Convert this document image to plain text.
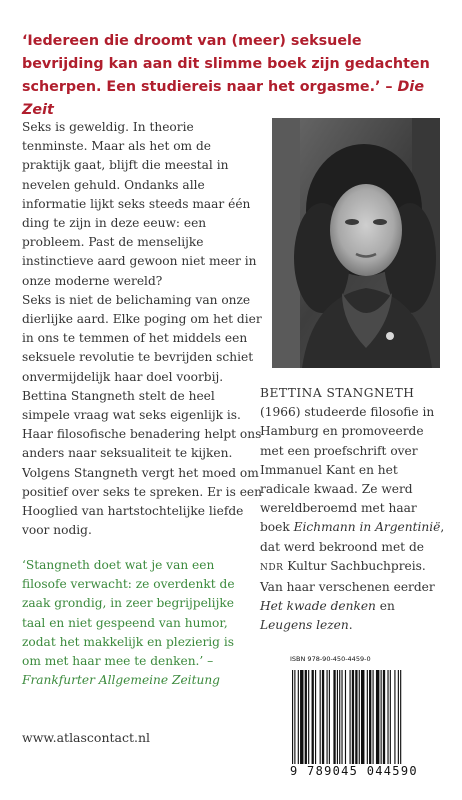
‘Iedereen die droomt van (meer) seksuele bevrijding kan aan dit slimme boek zijn gedachten scherpen. Een studiereis naar het orgasme.’ – Die Zeit

Seks is geweldig. In theorie tenminste. Maar als het om de praktijk gaat, blijft die meestal in nevelen gehuld. Ondanks alle informatie lijkt seks steeds maar één ding te zijn in deze eeuw: een probleem. Past de menselijke instinctieve aard gewoon niet meer in onze moderne wereld?

Seks is niet de belichaming van onze dierlijke aard. Elke poging om het dier in ons te temmen of het middels een seksuele revolutie te bevrijden schiet onvermijdelijk haar doel voorbij. Bettina Stangneth stelt de heel simpele vraag wat seks eigenlijk is. Haar filosofische benadering helpt ons anders naar seksualiteit te kijken. Volgens Stangneth vergt het moed om positief over seks te spreken. Er is een Hooglied van hartstochtelijke liefde voor nodig.

BETTINA STANGNETH (1966) studeerde filosofie in Hamburg en promoveerde met een proefschrift over Immanuel Kant en het radicale kwaad. Ze werd wereldberoemd met haar boek Eichmann in Argentinië, dat werd bekroond met de NDR Kultur Sachbuchpreis. Van haar verschenen eerder Het kwade denken en Leugens lezen.
‘Stangneth doet wat je van een filosofe verwacht: ze overdenkt de zaak grondig, in zeer begrijpelijke taal en niet gespeend van humor, zodat het makkelijk en plezierig is om met haar mee te denken.’ – Frankfurter Allgemeine Zeitung
www.atlascontact.nl
ISBN 978-90-450-4459-0
9 789045 044590
